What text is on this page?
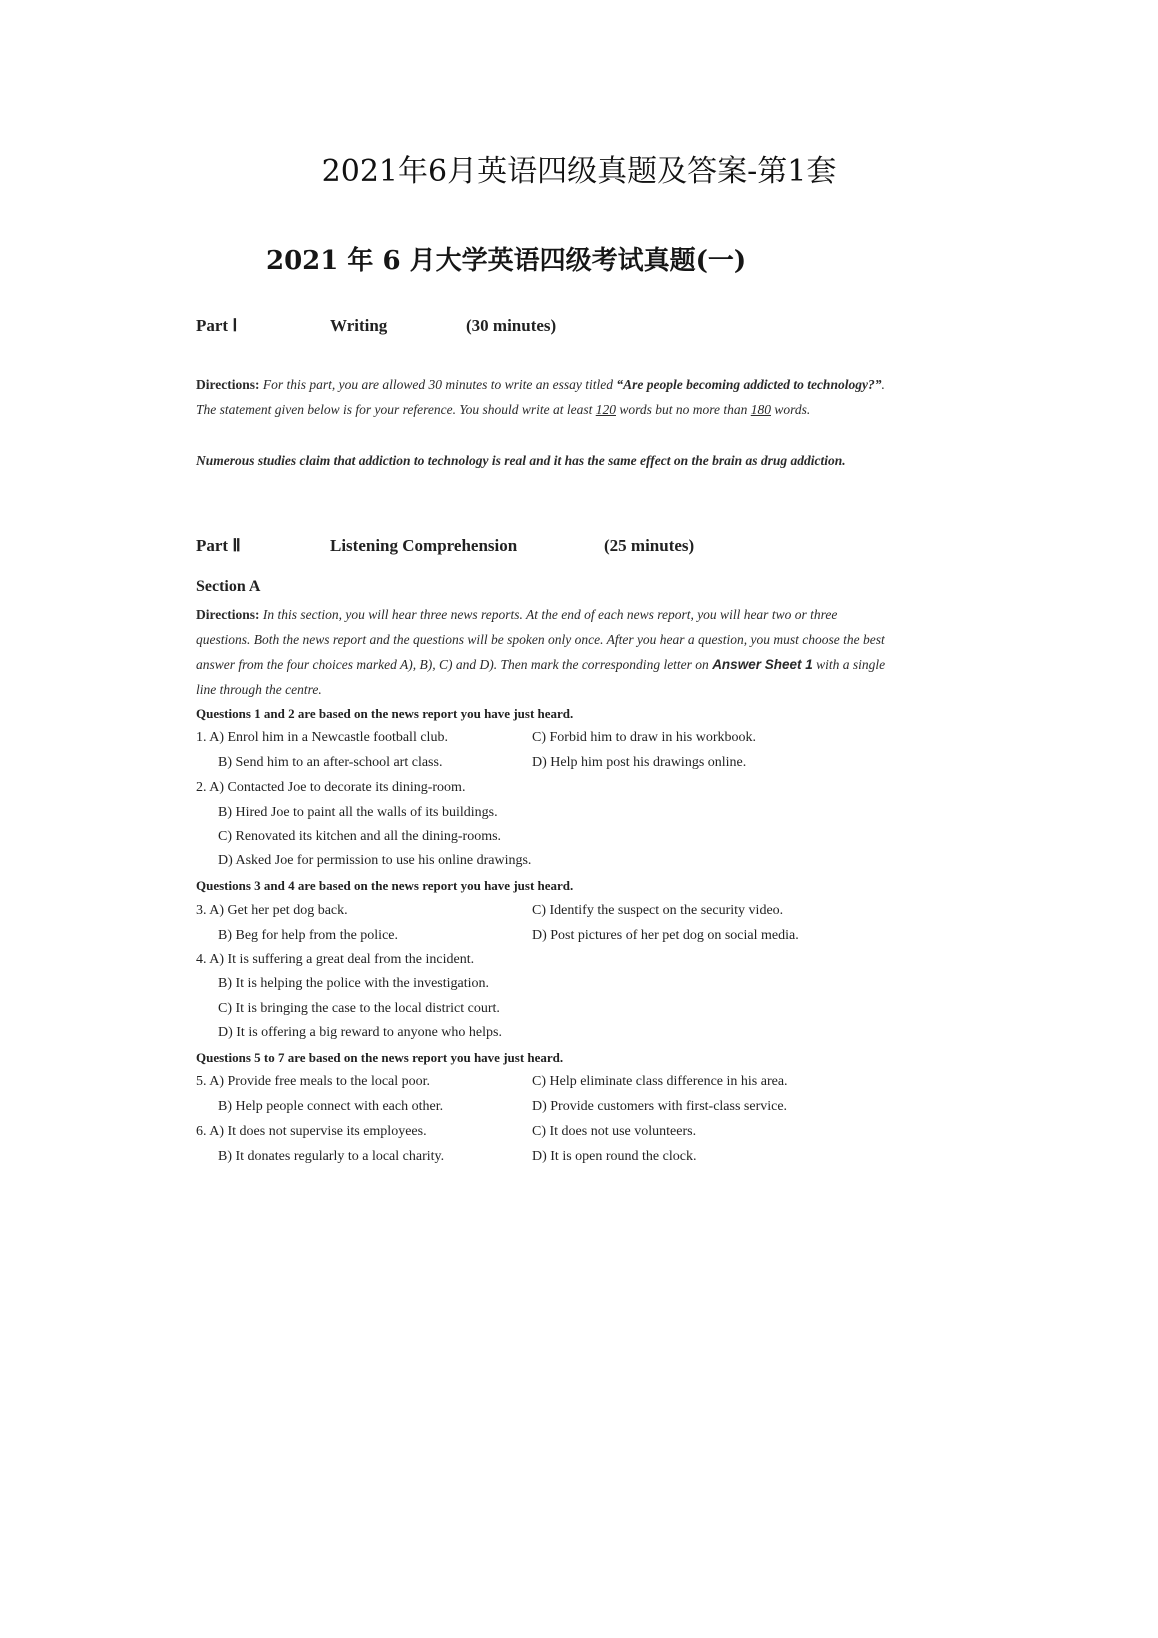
2021年6月英语四级真题及答案-第1套
2021 年 6 月大学英语四级考试真题(一)
Part Ⅰ	Writing	(30 minutes)
Directions: For this part, you are allowed 30 minutes to write an essay titled “Are people becoming addicted to technology?”. The statement given below is for your reference. You should write at least 120 words but no more than 180 words.
Numerous studies claim that addiction to technology is real and it has the same effect on the brain as drug addiction.
Part Ⅱ	Listening Comprehension	(25 minutes)
Section A
Directions: In this section, you will hear three news reports. At the end of each news report, you will hear two or three questions. Both the news report and the questions will be spoken only once. After you hear a question, you must choose the best answer from the four choices marked A), B), C) and D). Then mark the corresponding letter on Answer Sheet 1 with a single line through the centre.
Questions 1 and 2 are based on the news report you have just heard.
1. A) Enrol him in a Newcastle football club.	C) Forbid him to draw in his workbook.
B) Send him to an after-school art class.	D) Help him post his drawings online.
2. A) Contacted Joe to decorate its dining-room.
B) Hired Joe to paint all the walls of its buildings.
C) Renovated its kitchen and all the dining-rooms.
D) Asked Joe for permission to use his online drawings.
Questions 3 and 4 are based on the news report you have just heard.
3. A) Get her pet dog back.	C) Identify the suspect on the security video.
B) Beg for help from the police.	D) Post pictures of her pet dog on social media.
4. A) It is suffering a great deal from the incident.
B) It is helping the police with the investigation.
C) It is bringing the case to the local district court.
D) It is offering a big reward to anyone who helps.
Questions 5 to 7 are based on the news report you have just heard.
5. A) Provide free meals to the local poor.	C) Help eliminate class difference in his area.
B) Help people connect with each other.	D) Provide customers with first-class service.
6. A) It does not supervise its employees.	C) It does not use volunteers.
B) It donates regularly to a local charity.	D) It is open round the clock.
